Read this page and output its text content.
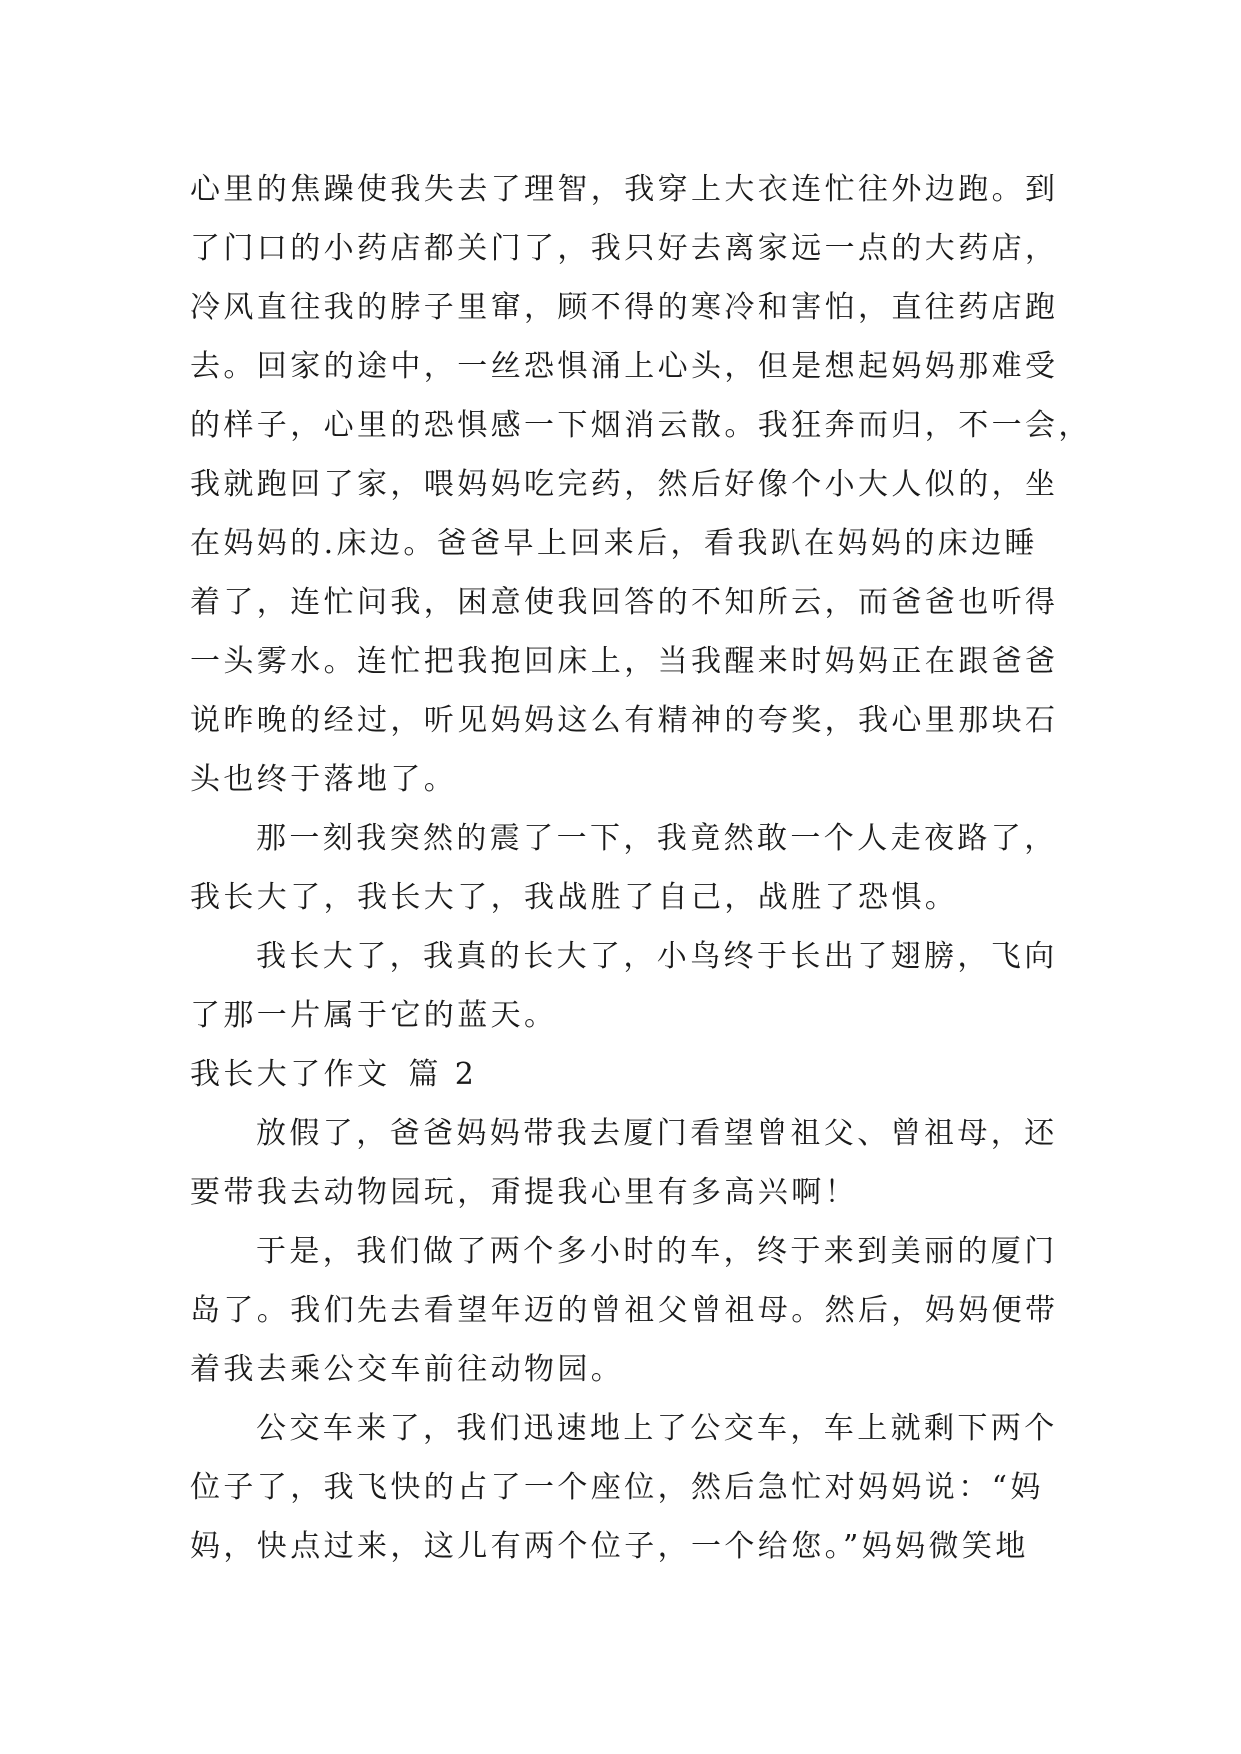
心里的焦躁使我失去了理智，我穿上大衣连忙往外边跑。到
了门口的小药店都关门了，我只好去离家远一点的大药店，
冷风直往我的脖子里窜，顾不得的寒冷和害怕，直往药店跑
去。回家的途中，一丝恐惧涌上心头，但是想起妈妈那难受
的样子，心里的恐惧感一下烟消云散。我狂奔而归，不一会，
我就跑回了家，喂妈妈吃完药，然后好像个小大人似的，坐
在妈妈的.床边。爸爸早上回来后，看我趴在妈妈的床边睡
着了，连忙问我，困意使我回答的不知所云，而爸爸也听得
一头雾水。连忙把我抱回床上，当我醒来时妈妈正在跟爸爸
说昨晚的经过，听见妈妈这么有精神的夸奖，我心里那块石
头也终于落地了。
那一刻我突然的震了一下，我竟然敢一个人走夜路了，
我长大了，我长大了，我战胜了自己，战胜了恐惧。
我长大了，我真的长大了，小鸟终于长出了翅膀，飞向
了那一片属于它的蓝天。
我长大了作文 篇 2
放假了，爸爸妈妈带我去厦门看望曾祖父、曾祖母，还
要带我去动物园玩，甭提我心里有多高兴啊！
于是，我们做了两个多小时的车，终于来到美丽的厦门
岛了。我们先去看望年迈的曾祖父曾祖母。然后，妈妈便带
着我去乘公交车前往动物园。
公交车来了，我们迅速地上了公交车，车上就剩下两个
位子了，我飞快的占了一个座位，然后急忙对妈妈说：“妈
妈，快点过来，这儿有两个位子，一个给您。”妈妈微笑地
